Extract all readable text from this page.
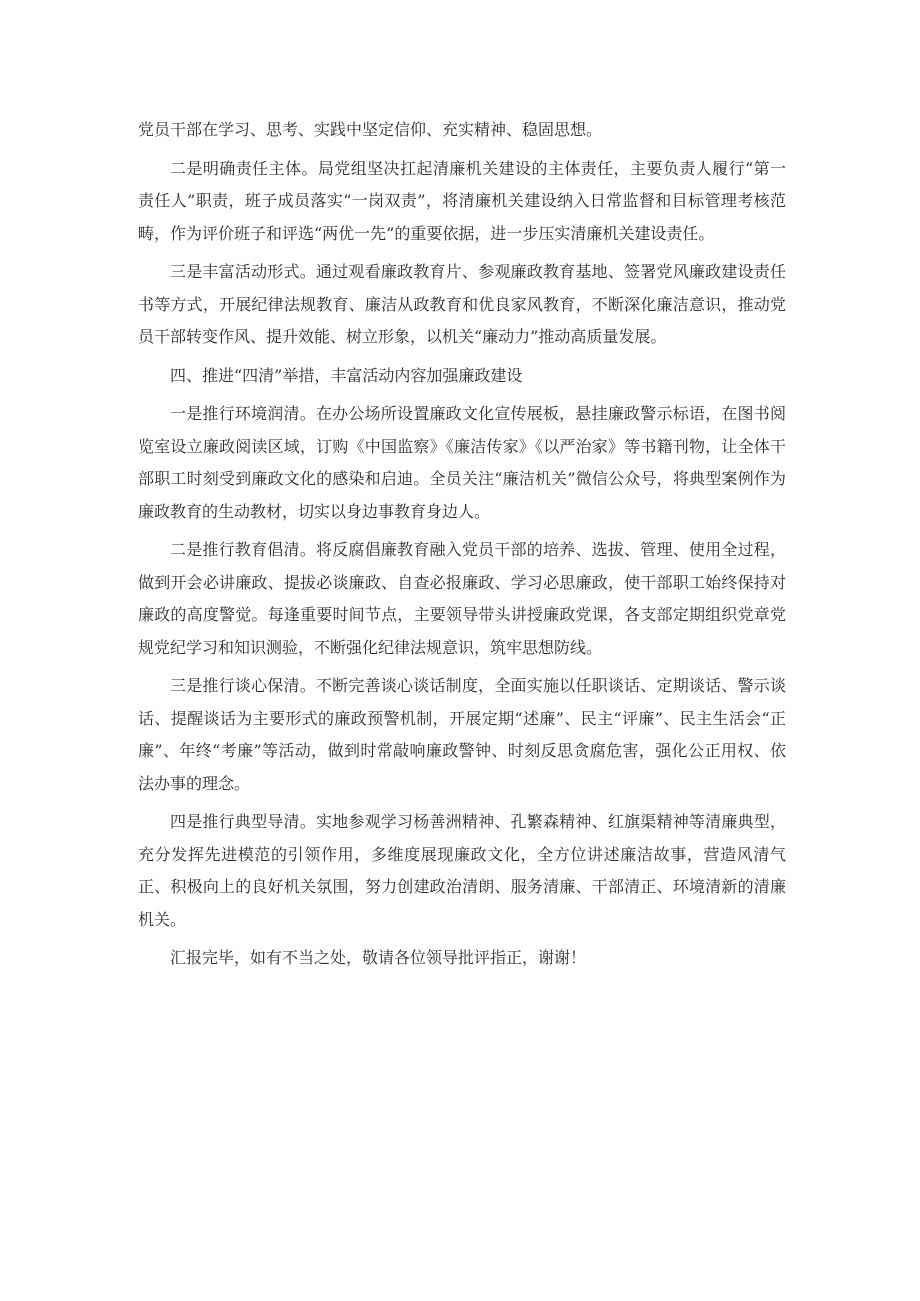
党员干部在学习、思考、实践中坚定信仰、充实精神、稳固思想。

二是明确责任主体。局党组坚决扛起清廉机关建设的主体责任，主要负责人履行“第一责任人”职责，班子成员落实“一岗双责”，将清廉机关建设纳入日常监督和目标管理考核范畴，作为评价班子和评选“两优一先”的重要依据，进一步压实清廉机关建设责任。

三是丰富活动形式。通过观看廉政教育片、参观廉政教育基地、签署党风廉政建设责任书等方式，开展纪律法规教育、廉洁从政教育和优良家风教育，不断深化廉洁意识，推动党员干部转变作风、提升效能、树立形象，以机关“廉动力”推动高质量发展。

四、推进“四清”举措，丰富活动内容加强廉政建设

一是推行环境润清。在办公场所设置廉政文化宣传展板，悬挂廉政警示标语，在图书阅览室设立廉政阅读区域，订购《中国监察》《廉洁传家》《以严治家》等书籍刊物，让全体干部职工时刻受到廉政文化的感染和启迪。全员关注“廉洁机关”微信公众号，将典型案例作为廉政教育的生动教材，切实以身边事教育身边人。

二是推行教育倡清。将反腐倡廉教育融入党员干部的培养、选拔、管理、使用全过程，做到开会必讲廉政、提拔必谈廉政、自查必报廉政、学习必思廉政，使干部职工始终保持对廉政的高度警觉。每逢重要时间节点，主要领导带头讲授廉政党课，各支部定期组织党章党规党纪学习和知识测验，不断强化纪律法规意识，筑牢思想防线。

三是推行谈心保清。不断完善谈心谈话制度，全面实施以任职谈话、定期谈话、警示谈话、提醒谈话为主要形式的廉政预警机制，开展定期“述廉”、民主“评廉”、民主生活会“正廉”、年终“考廉”等活动，做到时常敲响廉政警钟、时刻反思贪腐危害，强化公正用权、依法办事的理念。

四是推行典型导清。实地参观学习杨善洲精神、孔繁森精神、红旗渠精神等清廉典型，充分发挥先进模范的引领作用，多维度展现廉政文化，全方位讲述廉洁故事，营造风清气正、积极向上的良好机关氛围，努力创建政治清朗、服务清廉、干部清正、环境清新的清廉机关。

汇报完毕，如有不当之处，敬请各位领导批评指正，谢谢！
